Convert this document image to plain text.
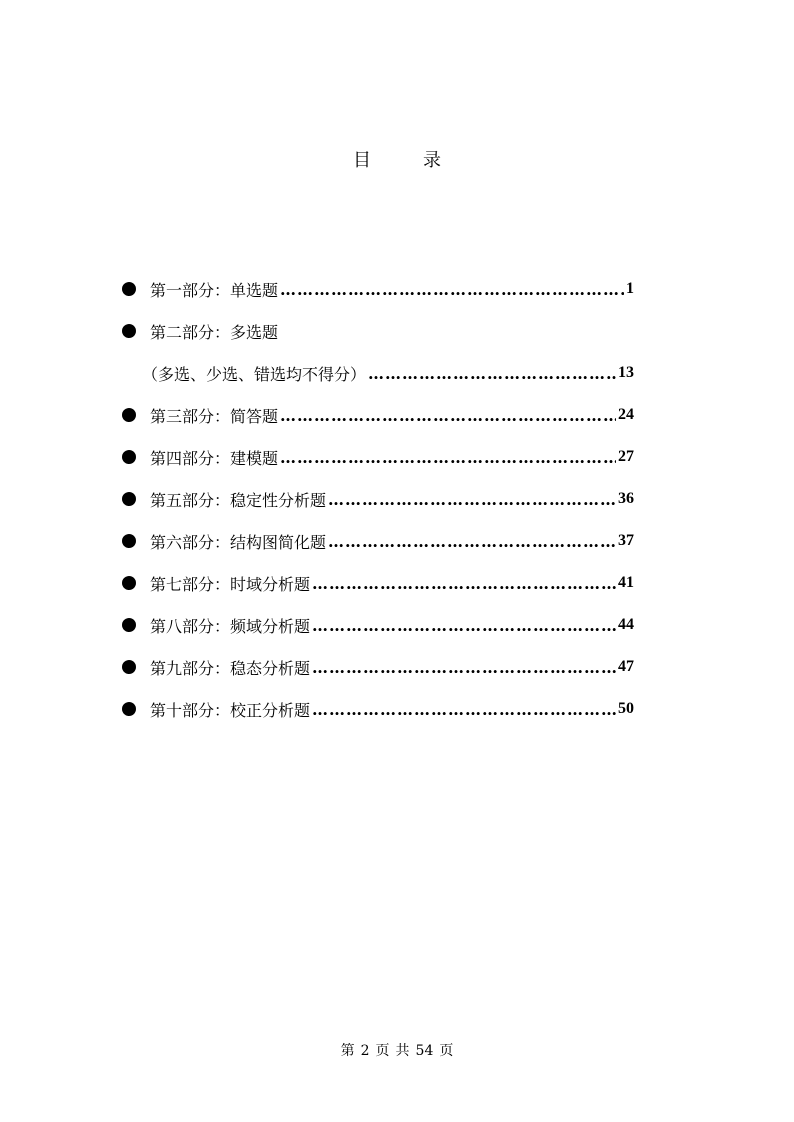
目	录
第一部分：单选题 ……………………………………………………………………………………………………………………	1
第二部分：多选题
（多选、少选、错选均不得分） ……………………………………………………………………………………………………………………	13
第三部分：简答题 ……………………………………………………………………………………………………………………	24
第四部分：建模题 ……………………………………………………………………………………………………………………	27
第五部分：稳定性分析题 ……………………………………………………………………………………………………………………	36
第六部分：结构图简化题 ……………………………………………………………………………………………………………………	37
第七部分：时域分析题 ……………………………………………………………………………………………………………………	41
第八部分：频域分析题 ……………………………………………………………………………………………………………………	44
第九部分：稳态分析题 ……………………………………………………………………………………………………………………	47
第十部分：校正分析题 ……………………………………………………………………………………………………………………	50
第 2 页 共 54 页
